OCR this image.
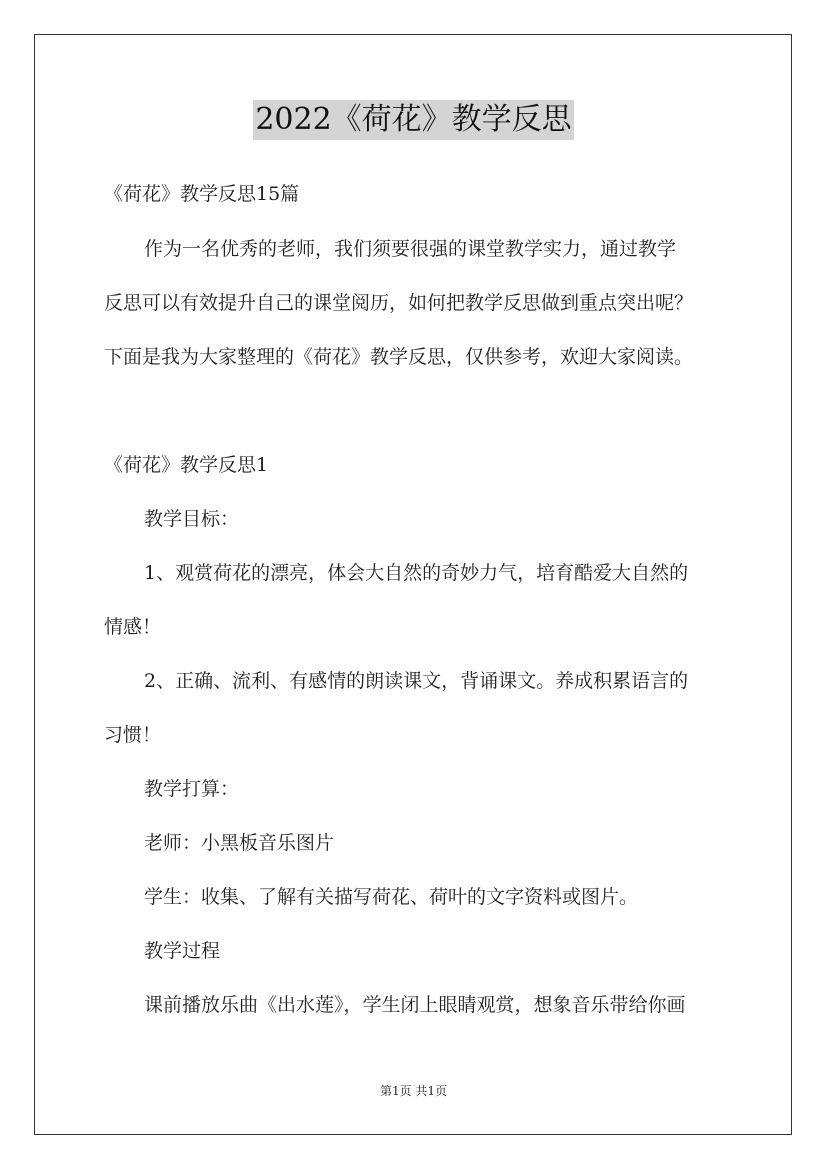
2022《荷花》教学反思
《荷花》教学反思15篇
作为一名优秀的老师，我们须要很强的课堂教学实力，通过教学
反思可以有效提升自己的课堂阅历，如何把教学反思做到重点突出呢？
下面是我为大家整理的《荷花》教学反思，仅供参考，欢迎大家阅读。
《荷花》教学反思1
教学目标：
1、观赏荷花的漂亮，体会大自然的奇妙力气，培育酷爱大自然的
情感！
2、正确、流利、有感情的朗读课文，背诵课文。养成积累语言的
习惯！
教学打算：
老师：小黑板音乐图片
学生：收集、了解有关描写荷花、荷叶的文字资料或图片。
教学过程
课前播放乐曲《出水莲》，学生闭上眼睛观赏，想象音乐带给你画
第1页 共1页
